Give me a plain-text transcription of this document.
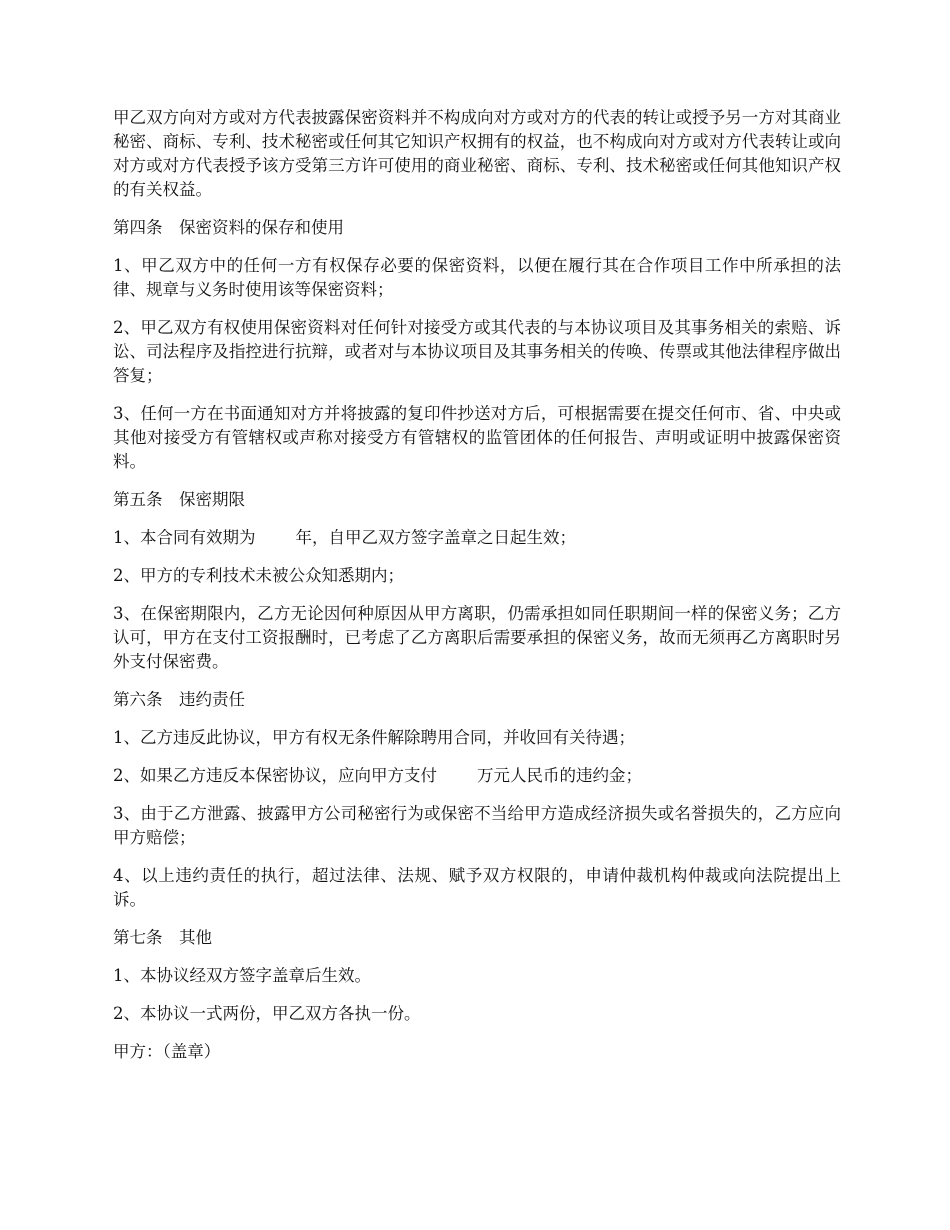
甲乙双方向对方或对方代表披露保密资料并不构成向对方或对方的代表的转让或授予另一方对其商业秘密、商标、专利、技术秘密或任何其它知识产权拥有的权益，也不构成向对方或对方代表转让或向对方或对方代表授予该方受第三方许可使用的商业秘密、商标、专利、技术秘密或任何其他知识产权的有关权益。

第四条　保密资料的保存和使用

1、甲乙双方中的任何一方有权保存必要的保密资料，以便在履行其在合作项目工作中所承担的法律、规章与义务时使用该等保密资料；

2、甲乙双方有权使用保密资料对任何针对接受方或其代表的与本协议项目及其事务相关的索赔、诉讼、司法程序及指控进行抗辩，或者对与本协议项目及其事务相关的传唤、传票或其他法律程序做出答复；

3、任何一方在书面通知对方并将披露的复印件抄送对方后，可根据需要在提交任何市、省、中央或其他对接受方有管辖权或声称对接受方有管辖权的监管团体的任何报告、声明或证明中披露保密资料。

第五条　保密期限

1、本合同有效期为 年，自甲乙双方签字盖章之日起生效；

2、甲方的专利技术未被公众知悉期内；

3、在保密期限内，乙方无论因何种原因从甲方离职，仍需承担如同任职期间一样的保密义务；乙方认可，甲方在支付工资报酬时，已考虑了乙方离职后需要承担的保密义务，故而无须再乙方离职时另外支付保密费。

第六条　违约责任

1、乙方违反此协议，甲方有权无条件解除聘用合同，并收回有关待遇；

2、如果乙方违反本保密协议，应向甲方支付 万元人民币的违约金；

3、由于乙方泄露、披露甲方公司秘密行为或保密不当给甲方造成经济损失或名誉损失的，乙方应向甲方赔偿；

4、以上违约责任的执行，超过法律、法规、赋予双方权限的，申请仲裁机构仲裁或向法院提出上诉。

第七条　其他

1、本协议经双方签字盖章后生效。

2、本协议一式两份，甲乙双方各执一份。

甲方：（盖章）
